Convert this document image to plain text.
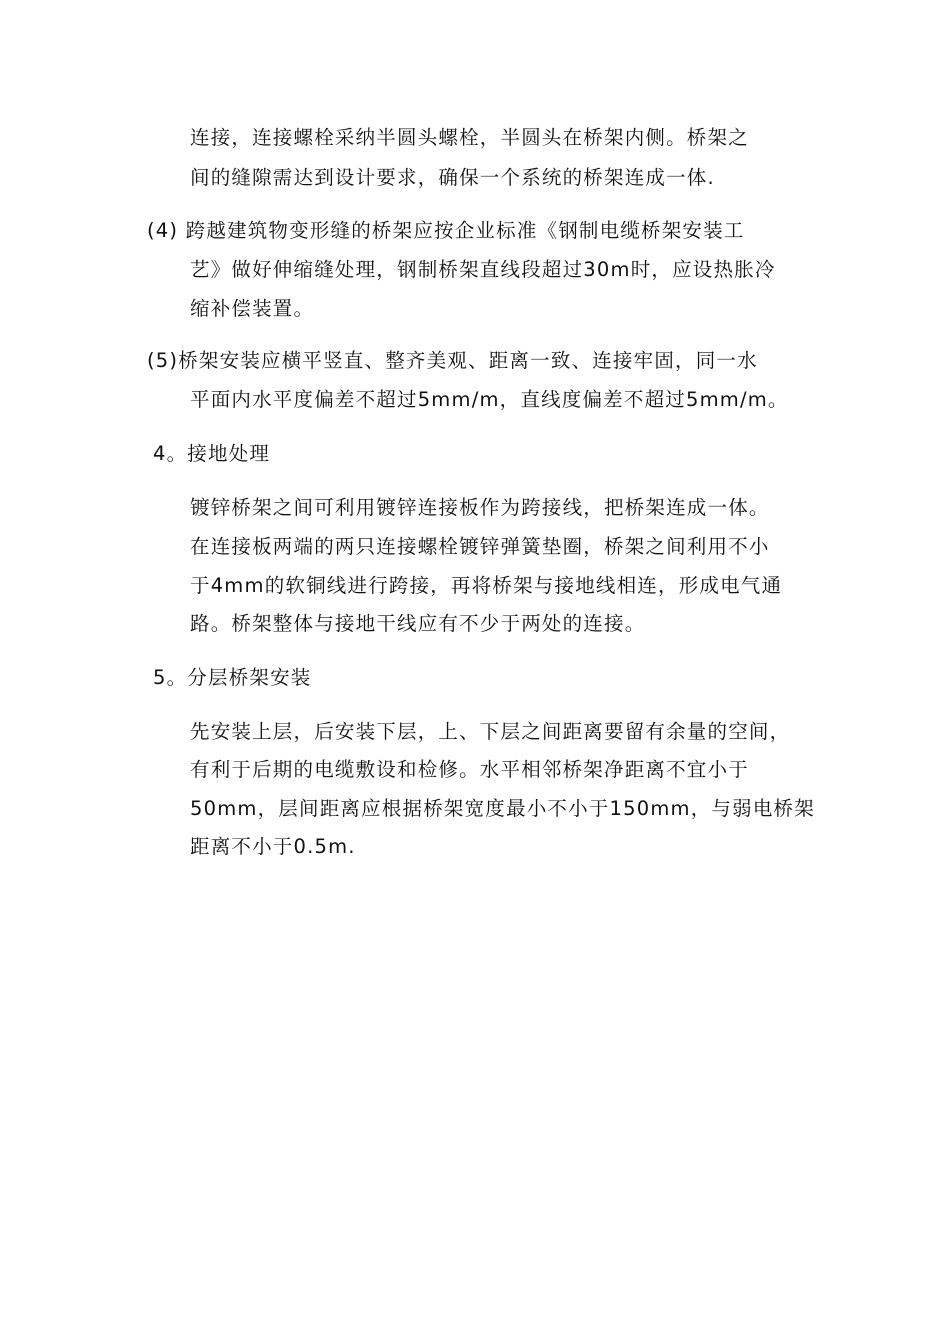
连接，连接螺栓采纳半圆头螺栓，半圆头在桥架内侧。桥架之
间的缝隙需达到设计要求，确保一个系统的桥架连成一体.
(4) 跨越建筑物变形缝的桥架应按企业标准《钢制电缆桥架安装工
艺》做好伸缩缝处理，钢制桥架直线段超过30m时，应设热胀冷
缩补偿装置。
(5)桥架安装应横平竖直、整齐美观、距离一致、连接牢固，同一水
平面内水平度偏差不超过5mm/m，直线度偏差不超过5mm/m。
4。接地处理
镀锌桥架之间可利用镀锌连接板作为跨接线，把桥架连成一体。
在连接板两端的两只连接螺栓镀锌弹簧垫圈，桥架之间利用不小
于4mm的软铜线进行跨接，再将桥架与接地线相连，形成电气通
路。桥架整体与接地干线应有不少于两处的连接。
5。分层桥架安装
先安装上层，后安装下层，上、下层之间距离要留有余量的空间，
有利于后期的电缆敷设和检修。水平相邻桥架净距离不宜小于
50mm，层间距离应根据桥架宽度最小不小于150mm，与弱电桥架
距离不小于0.5m.
